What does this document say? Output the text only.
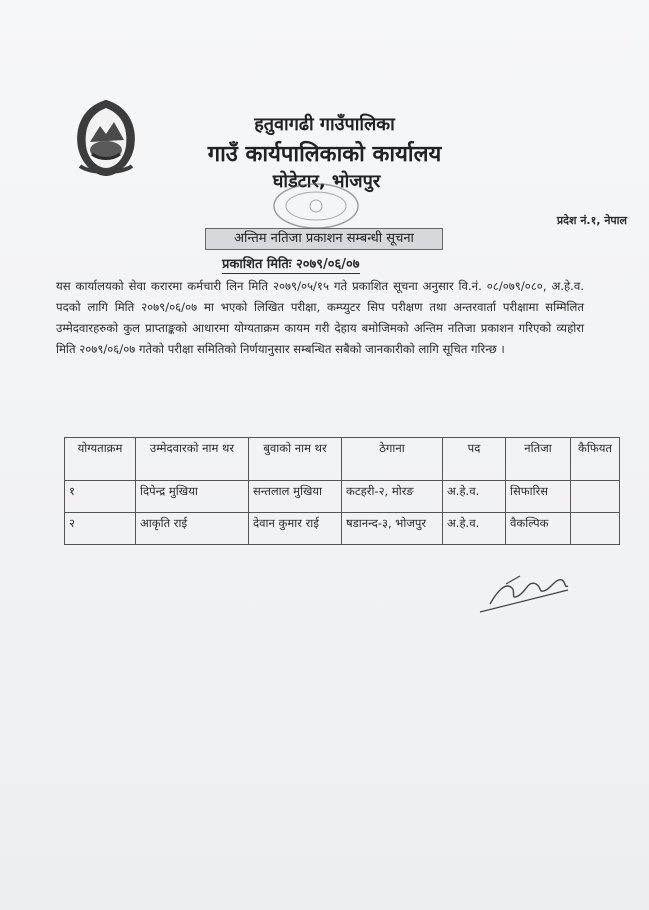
हतुवागढी गाउँपालिका
गाउँ कार्यपालिकाको कार्यालय
घोडेटार, भोजपुर
प्रदेश नं.१, नेपाल
अन्तिम नतिजा प्रकाशन सम्बन्धी सूचना
प्रकाशित मितिः २०७९/०६/०७
यस कार्यालयको सेवा करारमा कर्मचारी लिन मिति २०७९/०५/१५ गते प्रकाशित सूचना अनुसार वि.नं. ०८/०७९/०८०, अ.हे.व. पदको लागि मिति २०७९/०६/०७ मा भएको लिखित परीक्षा, कम्प्युटर सिप परीक्षण तथा अन्तरवार्ता परीक्षामा सम्मिलित उम्मेदवारहरुको कुल प्राप्ताङ्कको आधारमा योग्यताक्रम कायम गरी देहाय बमोजिमको अन्तिम नतिजा प्रकाशन गरिएको व्यहोरा मिति २०७९/०६/०७ गतेको परीक्षा समितिको निर्णयानुसार सम्बन्धित सबैको जानकारीको लागि सूचित गरिन्छ ।
योग्यताक्रम	उम्मेदवारको नाम थर	बुवाको नाम थर	ठेगाना	पद	नतिजा	कैफियत
१	दिपेन्द्र मुखिया	सन्तलाल मुखिया	कटहरी-२, मोरङ	अ.हे.व.	सिफारिस	
२	आकृति राई	देवान कुमार राई	षडानन्द-३, भोजपुर	अ.हे.व.	वैकल्पिक	
